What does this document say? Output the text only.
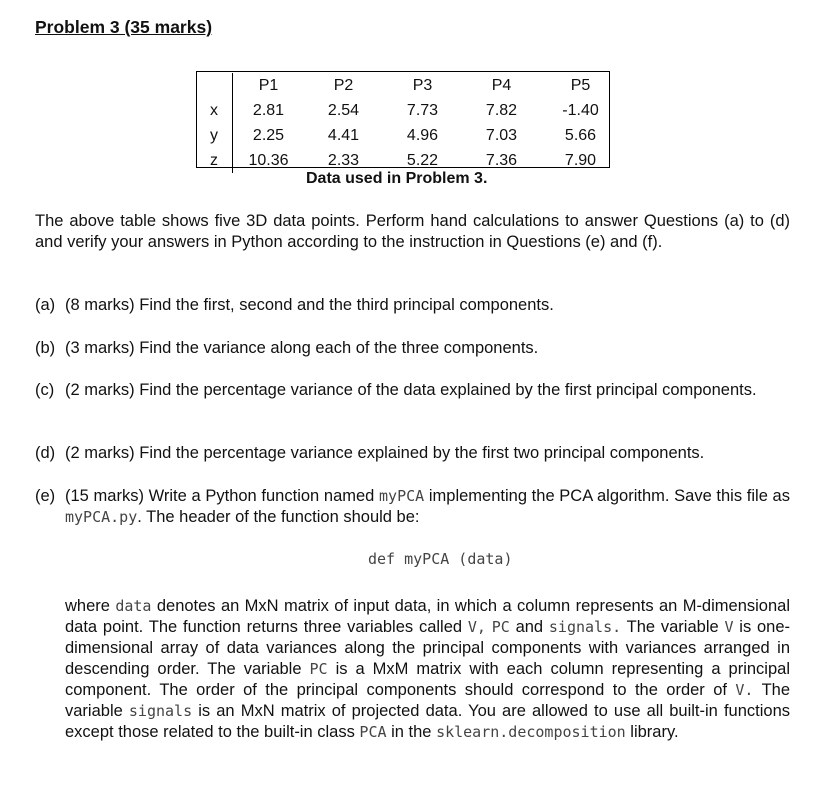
Problem 3 (35 marks)
	P1	P2	P3	P4	P5
x	2.81	2.54	7.73	7.82	-1.40
y	2.25	4.41	4.96	7.03	5.66
z	10.36	2.33	5.22	7.36	7.90
Data used in Problem 3.
The above table shows five 3D data points. Perform hand calculations to answer Questions (a) to (d) and verify your answers in Python according to the instruction in Questions (e) and (f).
(a) (8 marks) Find the first, second and the third principal components.
(b) (3 marks) Find the variance along each of the three components.
(c) (2 marks) Find the percentage variance of the data explained by the first principal components.
(d) (2 marks) Find the percentage variance explained by the first two principal components.
(e) (15 marks) Write a Python function named myPCA implementing the PCA algorithm. Save this file as myPCA.py. The header of the function should be:
def myPCA (data)
where data denotes an MxN matrix of input data, in which a column represents an M-dimensional data point. The function returns three variables called V, PC and signals. The variable V is one-dimensional array of data variances along the principal components with variances arranged in descending order. The variable PC is a MxM matrix with each column representing a principal component. The order of the principal components should correspond to the order of V. The variable signals is an MxN matrix of projected data. You are allowed to use all built-in functions except those related to the built-in class PCA in the sklearn.decomposition library.
